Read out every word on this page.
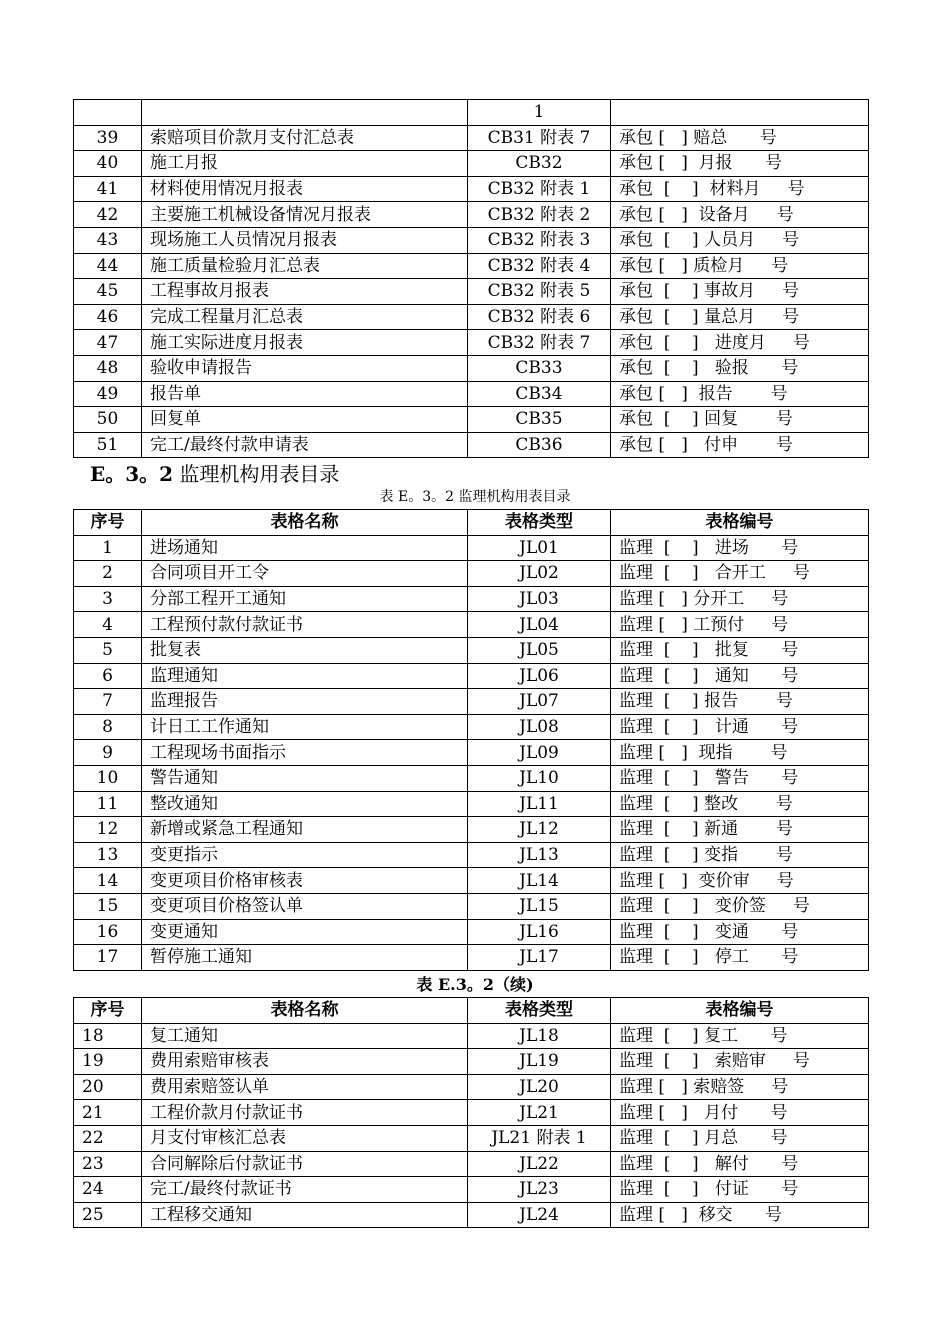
		1	
39	索赔项目价款月支付汇总表	CB31 附表 7	承包 [   ] 赔总      号
40	施工月报	CB32	承包 [   ]  月报      号
41	材料使用情况月报表	CB32 附表 1	承包  [    ]  材料月     号
42	主要施工机械设备情况月报表	CB32 附表 2	承包 [   ]  设备月     号
43	现场施工人员情况月报表	CB32 附表 3	承包  [    ] 人员月     号
44	施工质量检验月汇总表	CB32 附表 4	承包 [   ] 质检月     号
45	工程事故月报表	CB32 附表 5	承包  [    ] 事故月     号
46	完成工程量月汇总表	CB32 附表 6	承包  [    ] 量总月     号
47	施工实际进度月报表	CB32 附表 7	承包  [    ]   进度月     号
48	验收申请报告	CB33	承包  [    ]   验报      号
49	报告单	CB34	承包 [   ]  报告       号
50	回复单	CB35	承包  [    ] 回复       号
51	完工/最终付款申请表	CB36	承包 [   ]   付申       号
E。3。2 监理机构用表目录
表 E。3。2 监理机构用表目录
序号	表格名称	表格类型	表格编号
1	进场通知	JL01	监理  [    ]   进场      号
2	合同项目开工令	JL02	监理  [    ]   合开工     号
3	分部工程开工通知	JL03	监理 [   ] 分开工     号
4	工程预付款付款证书	JL04	监理 [   ] 工预付     号
5	批复表	JL05	监理  [    ]   批复      号
6	监理通知	JL06	监理  [    ]   通知      号
7	监理报告	JL07	监理  [    ] 报告       号
8	计日工工作通知	JL08	监理  [    ]   计通      号
9	工程现场书面指示	JL09	监理 [   ]  现指       号
10	警告通知	JL10	监理  [    ]   警告      号
11	整改通知	JL11	监理  [    ] 整改       号
12	新增或紧急工程通知	JL12	监理  [    ] 新通       号
13	变更指示	JL13	监理  [    ] 变指       号
14	变更项目价格审核表	JL14	监理 [   ]  变价审     号
15	变更项目价格签认单	JL15	监理  [    ]   变价签     号
16	变更通知	JL16	监理  [    ]   变通      号
17	暂停施工通知	JL17	监理  [    ]   停工      号
表 E.3。2（续)
序号	表格名称	表格类型	表格编号
18	复工通知	JL18	监理  [    ] 复工      号
19	费用索赔审核表	JL19	监理  [    ]   索赔审     号
20	费用索赔签认单	JL20	监理 [   ] 索赔签     号
21	工程价款月付款证书	JL21	监理 [   ]   月付      号
22	月支付审核汇总表	JL21 附表 1	监理  [    ] 月总      号
23	合同解除后付款证书	JL22	监理  [    ]   解付      号
24	完工/最终付款证书	JL23	监理  [    ]   付证      号
25	工程移交通知	JL24	监理 [   ]  移交      号
